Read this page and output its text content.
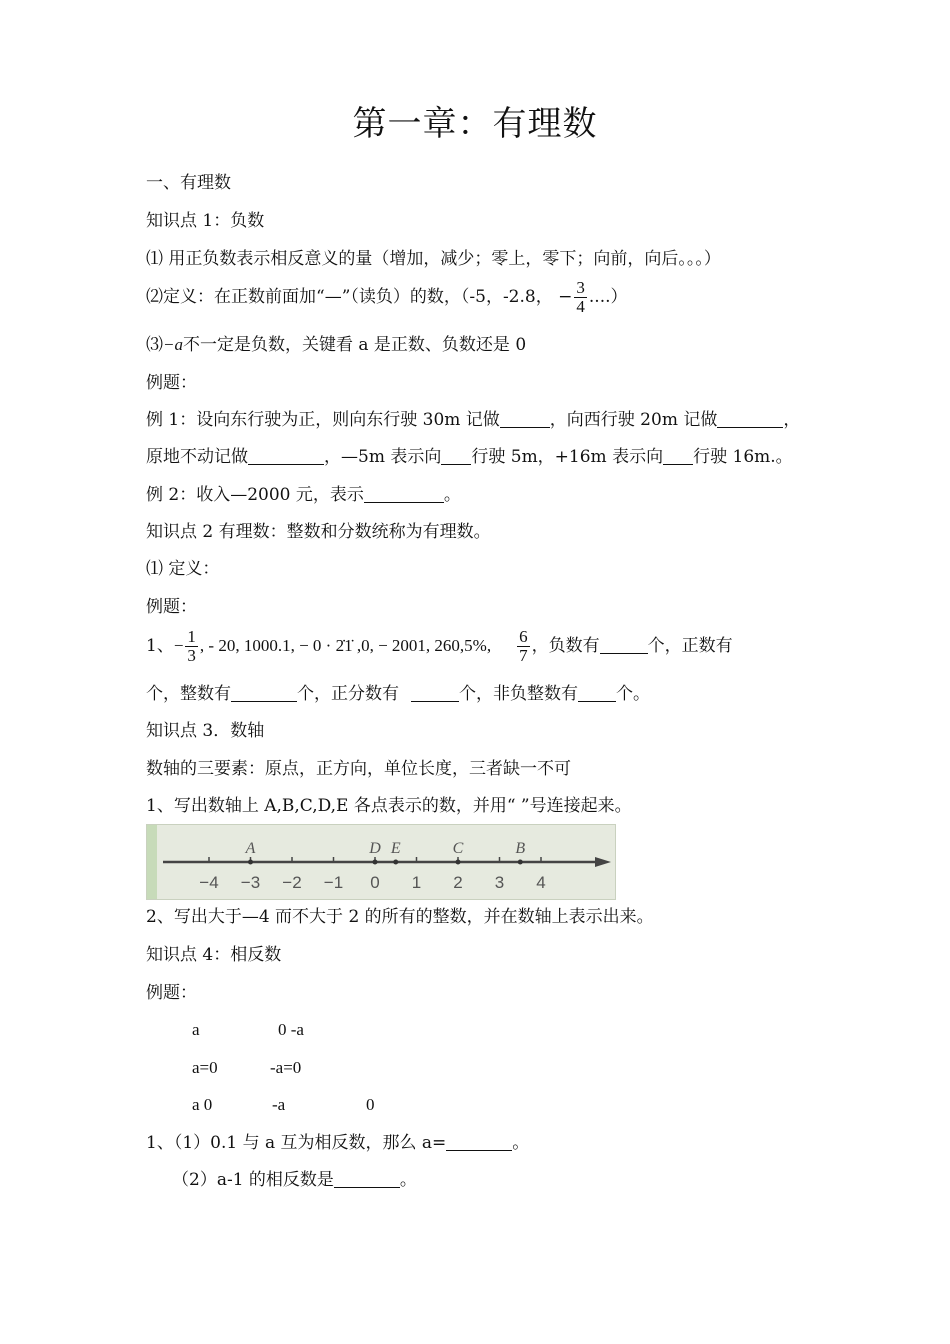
第一章：有理数
一、有理数
知识点 1：负数
⑴ 用正负数表示相反意义的量（增加，减少；零上，零下；向前，向后。。。）
⑵定义：在正数前面加“—”（读负）的数，（-5，-2.8， − $\frac{3}{4}$ ....）
⑶−a不一定是负数，关键看 a 是正数、负数还是 0
例题：
例 1：设向东行驶为正，则向东行驶 30m 记做	，向西行驶 20m 记做	，
原地不动记做	，—5m 表示向 行驶 5m，+16m 表示向 行驶 16m.。
例 2：收入—2000 元，表示	。
知识点 2 有理数：整数和分数统称为有理数。
⑴ 定义：
例题：
1、− $\frac{1}{3}$ , - 20, 1000.1, − 0 · 2̇1̇ ,0, − 2001, 260,5%, $\frac{6}{7}$ ，负数有	个，正数有
个，整数有	个，正分数有	个，非负整数有 个。
知识点 3．数轴
数轴的三要素：原点，正方向，单位长度，三者缺一不可
1、写出数轴上 A,B,C,D,E 各点表示的数，并用“ ”号连接起来。
−4 −3 −2 −1 0 1 2 3 4
A	D E	C	B
2、写出大于—4 而不大于 2 的所有的整数，并在数轴上表示出来。
知识点 4：相反数
例题：
a	0 -a
a=0	-a=0
a 0	-a	0
1、（1）0.1 与 a 互为相反数，那么 a=	。
（2）a-1 的相反数是	。
